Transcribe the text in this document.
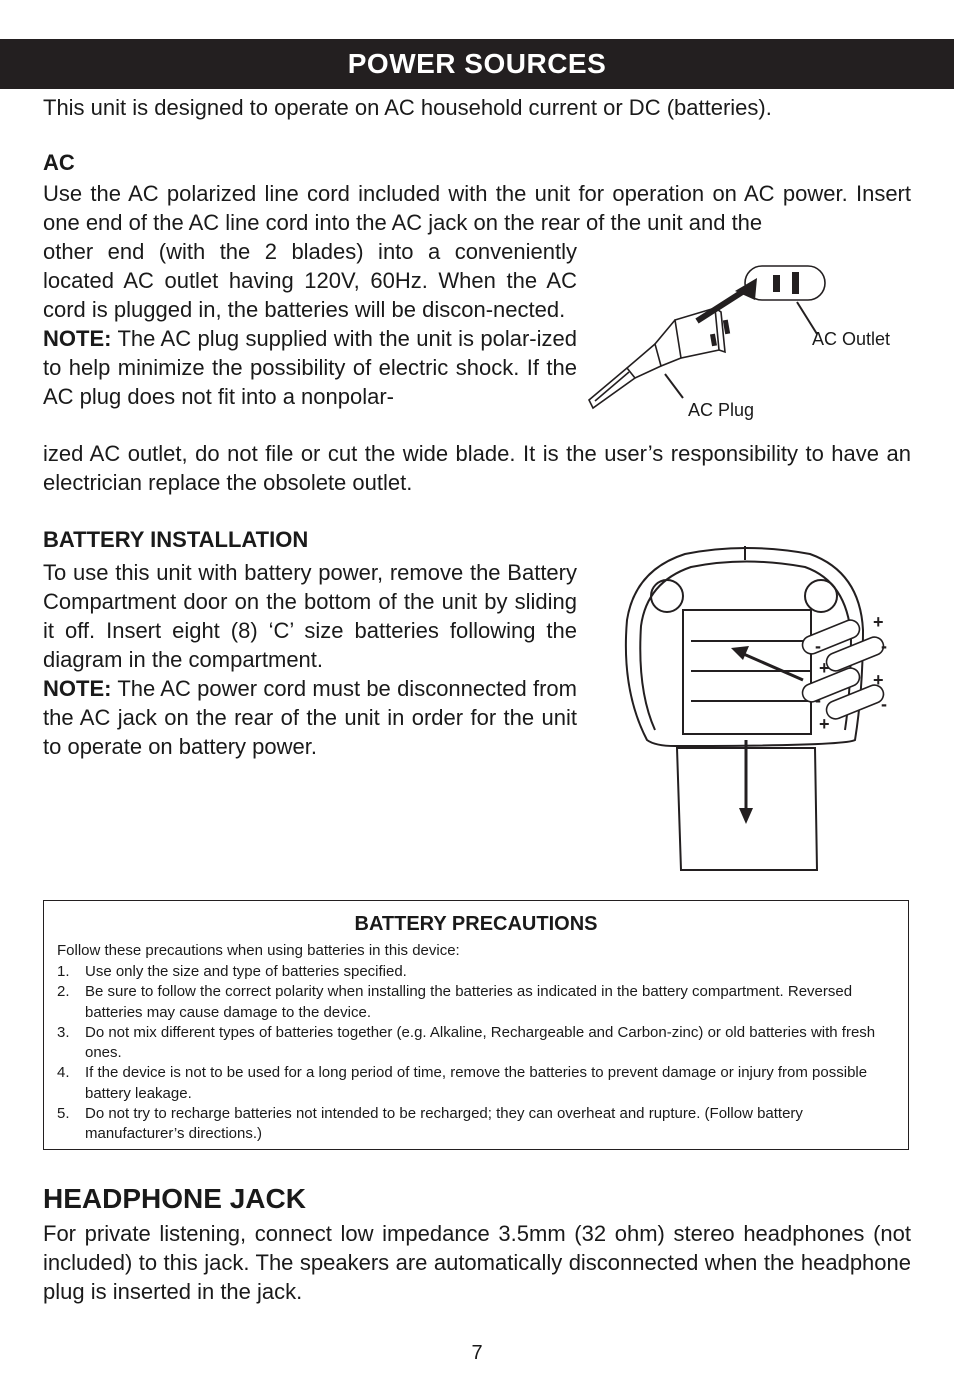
POWER SOURCES
This unit is designed to operate on AC household current or DC (batteries).
AC
Use the AC polarized line cord included with the unit for operation on AC power. Insert one end of the AC line cord into the AC jack on the rear of the unit and the
other end (with the 2 blades) into a conveniently located AC outlet having 120V, 60Hz. When the AC cord is plugged in, the batteries will be discon-nected.
NOTE: The AC plug supplied with the unit is polar-ized to help minimize the possibility of electric shock. If the AC plug does not fit into a nonpolar-
ized AC outlet, do not file or cut the wide blade. It is the user’s responsibility to have an electrician replace the obsolete outlet.
AC Outlet
AC Plug
BATTERY INSTALLATION
To use this unit with battery power, remove the Battery Compartment door on the bottom of the unit by sliding it off. Insert eight (8) ‘C’ size batteries following the diagram in the compartment.
NOTE: The AC power cord must be disconnected from the AC jack on the rear of the unit in order for the unit to operate on battery power.
+
-
+
-
+
-
+
-
BATTERY PRECAUTIONS
Follow these precautions when using batteries in this device:
1.	Use only the size and type of batteries specified.
2.	Be sure to follow the correct polarity when installing the batteries as indicated in the battery compartment. Reversed batteries may cause damage to the device.
3.	Do not mix different types of batteries together (e.g. Alkaline, Rechargeable and Carbon-zinc) or old batteries with fresh ones.
4.	If the device is not to be used for a long period of time, remove the batteries to prevent damage or injury from possible battery leakage.
5.	Do not try to recharge batteries not intended to be recharged; they can overheat and rupture. (Follow battery manufacturer’s directions.)
HEADPHONE JACK
For private listening, connect low impedance 3.5mm (32 ohm) stereo headphones (not included) to this jack. The speakers are automatically disconnected when the headphone plug is inserted in the jack.
7
